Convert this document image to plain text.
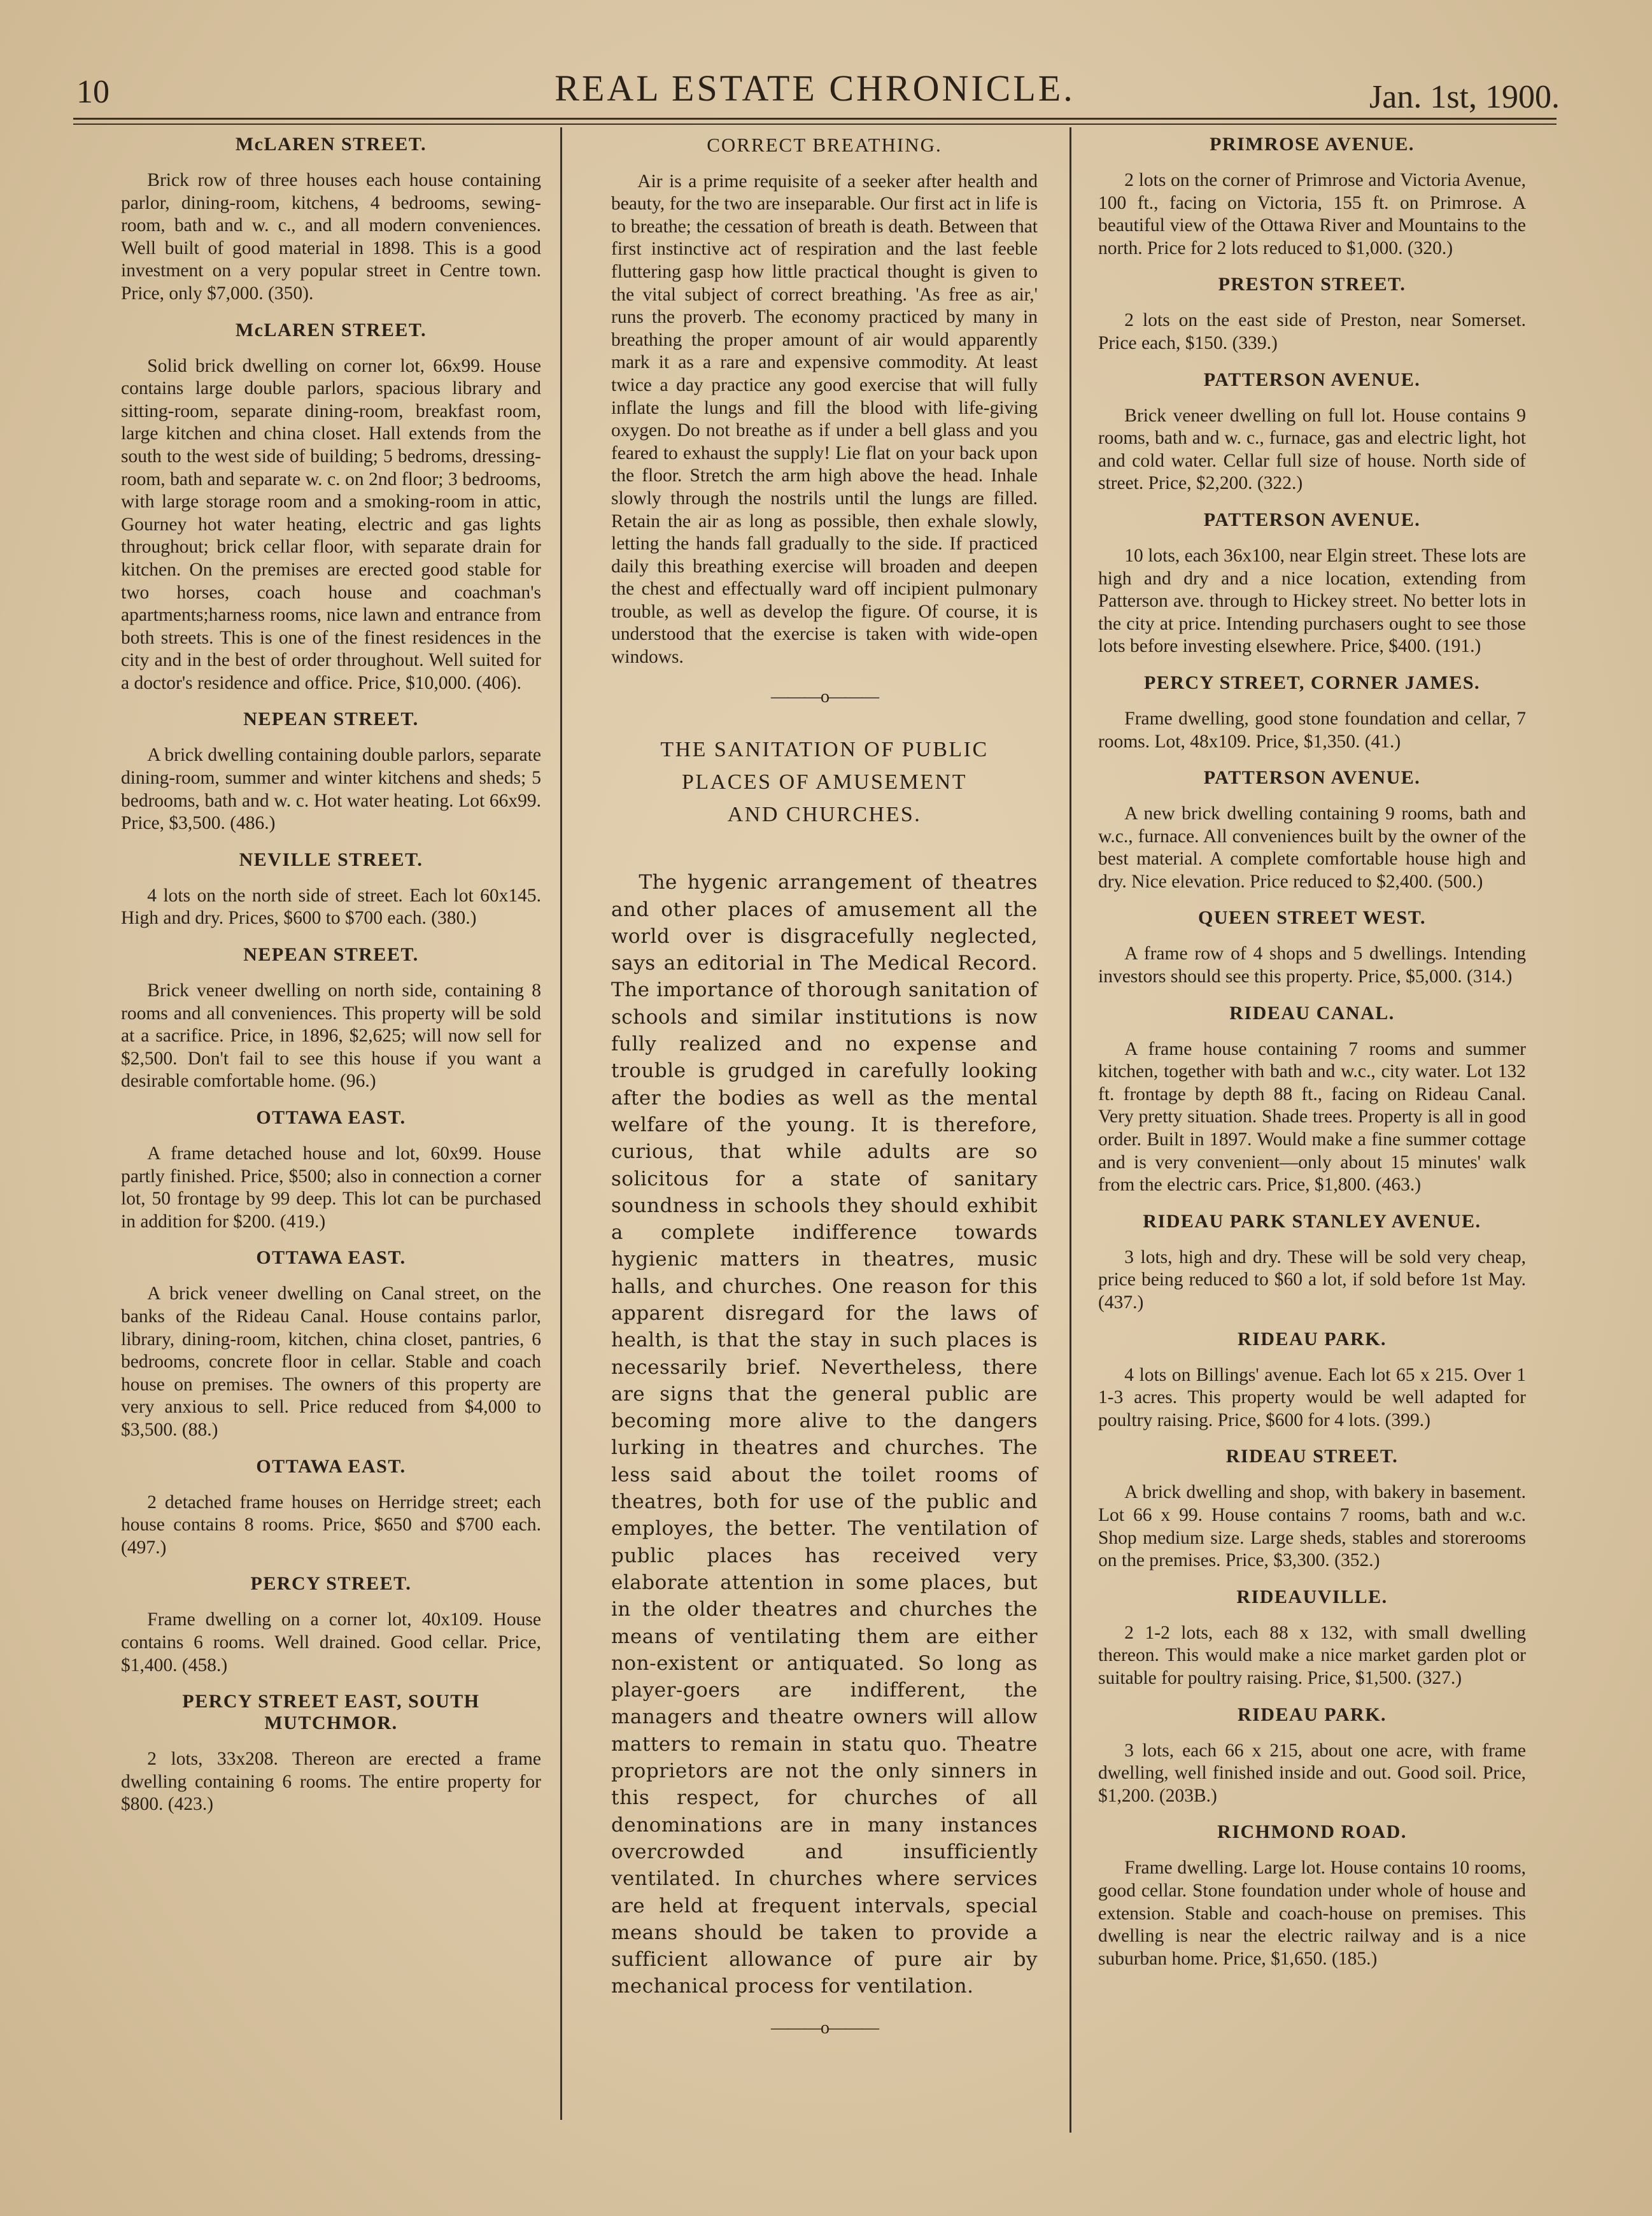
10	REAL ESTATE CHRONICLE.	Jan. 1st, 1900.
McLAREN STREET.

Brick row of three houses each house containing parlor, dining-room, kitchens, 4 bedrooms, sewing-room, bath and w. c., and all modern conveniences. Well built of good material in 1898. This is a good investment on a very popular street in Centre town. Price, only $7,000. (350).

McLAREN STREET.

Solid brick dwelling on corner lot, 66x99. House contains large double parlors, spacious library and sitting-room, separate dining-room, breakfast room, large kitchen and china closet. Hall extends from the south to the west side of building; 5 bedroms, dressing-room, bath and separate w. c. on 2nd floor; 3 bedrooms, with large storage room and a smoking-room in attic, Gourney hot water heating, electric and gas lights throughout; brick cellar floor, with separate drain for kitchen. On the premises are erected good stable for two horses, coach house and coachman's apartments;harness rooms, nice lawn and entrance from both streets. This is one of the finest residences in the city and in the best of order throughout. Well suited for a doctor's residence and office. Price, $10,000. (406).

NEPEAN STREET.

A brick dwelling containing double parlors, separate dining-room, summer and winter kitchens and sheds; 5 bedrooms, bath and w. c. Hot water heating. Lot 66x99. Price, $3,500. (486.)

NEVILLE STREET.

4 lots on the north side of street. Each lot 60x145. High and dry. Prices, $600 to $700 each. (380.)

NEPEAN STREET.

Brick veneer dwelling on north side, containing 8 rooms and all conveniences. This property will be sold at a sacrifice. Price, in 1896, $2,625; will now sell for $2,500. Don't fail to see this house if you want a desirable comfortable home. (96.)

OTTAWA EAST.

A frame detached house and lot, 60x99. House partly finished. Price, $500; also in connection a corner lot, 50 frontage by 99 deep. This lot can be purchased in addition for $200. (419.)

OTTAWA EAST.

A brick veneer dwelling on Canal street, on the banks of the Rideau Canal. House contains parlor, library, dining-room, kitchen, china closet, pantries, 6 bedrooms, concrete floor in cellar. Stable and coach house on premises. The owners of this property are very anxious to sell. Price reduced from $4,000 to $3,500. (88.)

OTTAWA EAST.

2 detached frame houses on Herridge street; each house contains 8 rooms. Price, $650 and $700 each. (497.)

PERCY STREET.

Frame dwelling on a corner lot, 40x109. House contains 6 rooms. Well drained. Good cellar. Price, $1,400. (458.)

PERCY STREET EAST, SOUTH MUTCHMOR.

2 lots, 33x208. Thereon are erected a frame dwelling containing 6 rooms. The entire property for $800. (423.)

CORRECT BREATHING.

Air is a prime requisite of a seeker after health and beauty, for the two are inseparable. Our first act in life is to breathe; the cessation of breath is death. Between that first instinctive act of respiration and the last feeble fluttering gasp how little practical thought is given to the vital subject of correct breathing. 'As free as air,' runs the proverb. The economy practiced by many in breathing the proper amount of air would apparently mark it as a rare and expensive commodity. At least twice a day practice any good exercise that will fully inflate the lungs and fill the blood with life-giving oxygen. Do not breathe as if under a bell glass and you feared to exhaust the supply! Lie flat on your back upon the floor. Stretch the arm high above the head. Inhale slowly through the nostrils until the lungs are filled. Retain the air as long as possible, then exhale slowly, letting the hands fall gradually to the side. If practiced daily this breathing exercise will broaden and deepen the chest and effectually ward off incipient pulmonary trouble, as well as develop the figure. Of course, it is understood that the exercise is taken with wide-open windows.

———o———
THE SANITATION OF PUBLIC
PLACES OF AMUSEMENT
AND CHURCHES.

The hygenic arrangement of theatres and other places of amusement all the world over is disgracefully neglected, says an editorial in The Medical Record. The importance of thorough sanitation of schools and similar institutions is now fully realized and no expense and trouble is grudged in carefully looking after the bodies as well as the mental welfare of the young. It is therefore, curious, that while adults are so solicitous for a state of sanitary soundness in schools they should exhibit a complete indifference towards hygienic matters in theatres, music halls, and churches. One reason for this apparent disregard for the laws of health, is that the stay in such places is necessarily brief. Nevertheless, there are signs that the general public are becoming more alive to the dangers lurking in theatres and churches. The less said about the toilet rooms of theatres, both for use of the public and employes, the better. The ventilation of public places has received very elaborate attention in some places, but in the older theatres and churches the means of ventilating them are either non-existent or antiquated. So long as player-goers are indifferent, the managers and theatre owners will allow matters to remain in statu quo. Theatre proprietors are not the only sinners in this respect, for churches of all denominations are in many instances overcrowded and insufficiently ventilated. In churches where services are held at frequent intervals, special means should be taken to provide a sufficient allowance of pure air by mechanical process for ventilation.

———o———
PRIMROSE AVENUE.

2 lots on the corner of Primrose and Victoria Avenue, 100 ft., facing on Victoria, 155 ft. on Primrose. A beautiful view of the Ottawa River and Mountains to the north. Price for 2 lots reduced to $1,000. (320.)

PRESTON STREET.

2 lots on the east side of Preston, near Somerset. Price each, $150. (339.)

PATTERSON AVENUE.

Brick veneer dwelling on full lot. House contains 9 rooms, bath and w. c., furnace, gas and electric light, hot and cold water. Cellar full size of house. North side of street. Price, $2,200. (322.)

PATTERSON AVENUE.

10 lots, each 36x100, near Elgin street. These lots are high and dry and a nice location, extending from Patterson ave. through to Hickey street. No better lots in the city at price. Intending purchasers ought to see those lots before investing elsewhere. Price, $400. (191.)

PERCY STREET, CORNER JAMES.

Frame dwelling, good stone foundation and cellar, 7 rooms. Lot, 48x109. Price, $1,350. (41.)

PATTERSON AVENUE.

A new brick dwelling containing 9 rooms, bath and w.c., furnace. All conveniences built by the owner of the best material. A complete comfortable house high and dry. Nice elevation. Price reduced to $2,400. (500.)

QUEEN STREET WEST.

A frame row of 4 shops and 5 dwellings. Intending investors should see this property. Price, $5,000. (314.)

RIDEAU CANAL.

A frame house containing 7 rooms and summer kitchen, together with bath and w.c., city water. Lot 132 ft. frontage by depth 88 ft., facing on Rideau Canal. Very pretty situation. Shade trees. Property is all in good order. Built in 1897. Would make a fine summer cottage and is very convenient—only about 15 minutes' walk from the electric cars. Price, $1,800. (463.)

RIDEAU PARK STANLEY AVENUE.

3 lots, high and dry. These will be sold very cheap, price being reduced to $60 a lot, if sold before 1st May. (437.)

RIDEAU PARK.

4 lots on Billings' avenue. Each lot 65 x 215. Over 1 1-3 acres. This property would be well adapted for poultry raising. Price, $600 for 4 lots. (399.)

RIDEAU STREET.

A brick dwelling and shop, with bakery in basement. Lot 66 x 99. House contains 7 rooms, bath and w.c. Shop medium size. Large sheds, stables and storerooms on the premises. Price, $3,300. (352.)

RIDEAUVILLE.

2 1-2 lots, each 88 x 132, with small dwelling thereon. This would make a nice market garden plot or suitable for poultry raising. Price, $1,500. (327.)

RIDEAU PARK.

3 lots, each 66 x 215, about one acre, with frame dwelling, well finished inside and out. Good soil. Price, $1,200. (203B.)

RICHMOND ROAD.

Frame dwelling. Large lot. House contains 10 rooms, good cellar. Stone foundation under whole of house and extension. Stable and coach-house on premises. This dwelling is near the electric railway and is a nice suburban home. Price, $1,650. (185.)
